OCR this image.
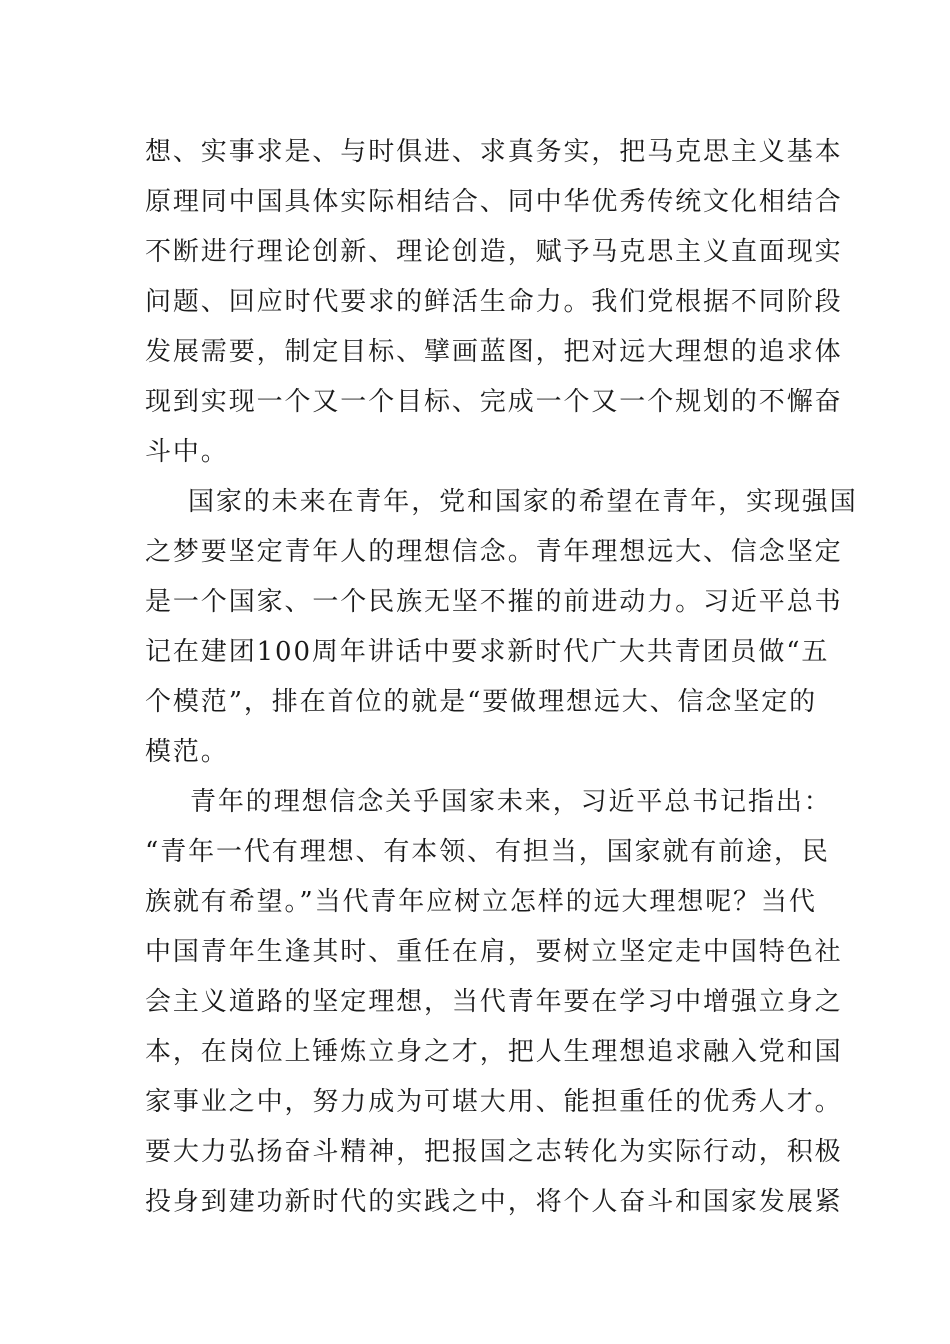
想、实事求是、与时俱进、求真务实，把马克思主义基本
原理同中国具体实际相结合、同中华优秀传统文化相结合
不断进行理论创新、理论创造，赋予马克思主义直面现实
问题、回应时代要求的鲜活生命力。我们党根据不同阶段
发展需要，制定目标、擘画蓝图，把对远大理想的追求体
现到实现一个又一个目标、完成一个又一个规划的不懈奋
斗中。
国家的未来在青年，党和国家的希望在青年，实现强国
之梦要坚定青年人的理想信念。青年理想远大、信念坚定
是一个国家、一个民族无坚不摧的前进动力。习近平总书
记在建团100周年讲话中要求新时代广大共青团员做“五
个模范”，排在首位的就是“要做理想远大、信念坚定的
模范。
青年的理想信念关乎国家未来，习近平总书记指出：
“青年一代有理想、有本领、有担当，国家就有前途，民
族就有希望。”当代青年应树立怎样的远大理想呢？当代
中国青年生逢其时、重任在肩，要树立坚定走中国特色社
会主义道路的坚定理想，当代青年要在学习中增强立身之
本，在岗位上锤炼立身之才，把人生理想追求融入党和国
家事业之中，努力成为可堪大用、能担重任的优秀人才。
要大力弘扬奋斗精神，把报国之志转化为实际行动，积极
投身到建功新时代的实践之中，将个人奋斗和国家发展紧
